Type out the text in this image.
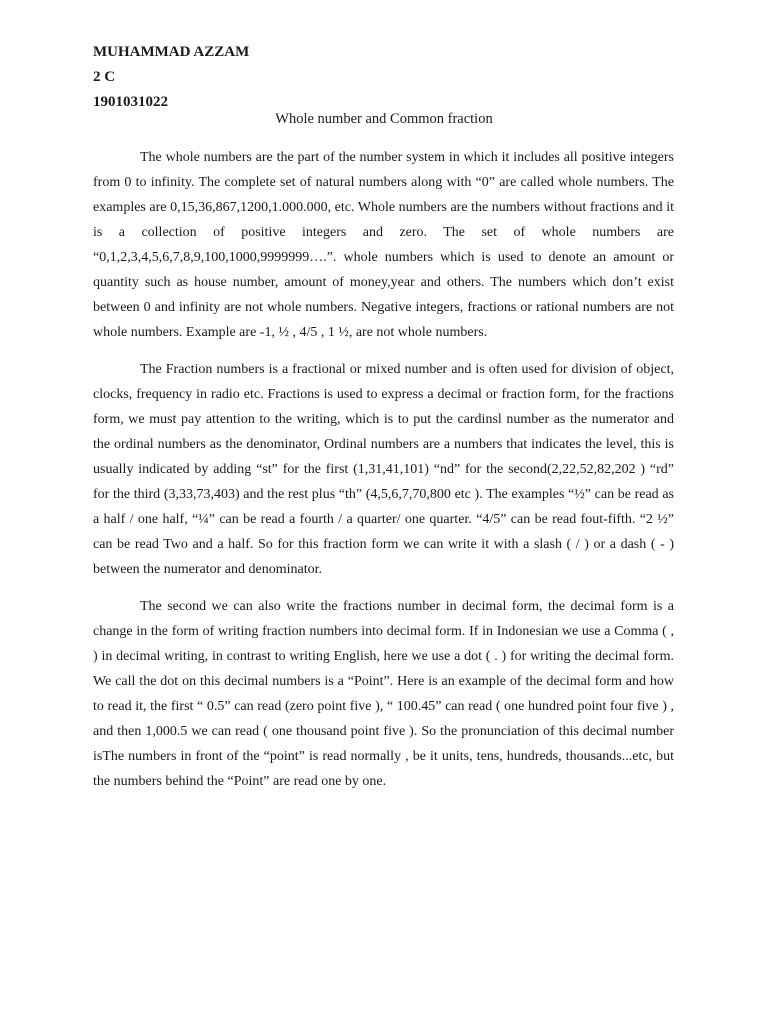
MUHAMMAD AZZAM
2 C
1901031022
Whole number and Common fraction

The whole numbers are the part of the number system in which it includes all positive integers from 0 to infinity. The complete set of natural numbers along with “0” are called whole numbers. The examples are 0,15,36,867,1200,1.000.000, etc. Whole numbers are the numbers without fractions and it is a collection of positive integers and zero. The set of whole numbers are “0,1,2,3,4,5,6,7,8,9,100,1000,9999999….”. whole numbers which is used to denote an amount or quantity such as house number, amount of money,year and others. The numbers which don’t exist between 0 and infinity are not whole numbers. Negative integers, fractions or rational numbers are not whole numbers. Example are -1, ½ , 4/5 , 1 ½, are not whole numbers.

The Fraction numbers is a fractional or mixed number and is often used for division of object, clocks, frequency in radio etc. Fractions is used to express a decimal or fraction form, for the fractions form, we must pay attention to the writing, which is to put the cardinsl number as the numerator and the ordinal numbers as the denominator, Ordinal numbers are a numbers that indicates the level, this is usually indicated by adding “st” for the first (1,31,41,101) “nd” for the second(2,22,52,82,202 ) “rd” for the third (3,33,73,403) and the rest plus “th” (4,5,6,7,70,800 etc ). The examples “½” can be read as a half / one half, “¼” can be read a fourth / a quarter/ one quarter. “4/5” can be read fout-fifth. “2 ½” can be read Two and a half. So for this fraction form we can write it with a slash ( / ) or a dash ( - ) between the numerator and denominator.

The second we can also write the fractions number in decimal form, the decimal form is a change in the form of writing fraction numbers into decimal form. If in Indonesian we use a Comma ( , ) in decimal writing, in contrast to writing English, here we use a dot ( . ) for writing the decimal form. We call the dot on this decimal numbers is a “Point”. Here is an example of the decimal form and how to read it, the first “ 0.5” can read (zero point five ), “ 100.45” can read ( one hundred point four five ) , and then 1,000.5 we can read ( one thousand point five ). So the pronunciation of this decimal number isThe numbers in front of the “point” is read normally , be it units, tens, hundreds, thousands...etc, but the numbers behind the “Point” are read one by one.
